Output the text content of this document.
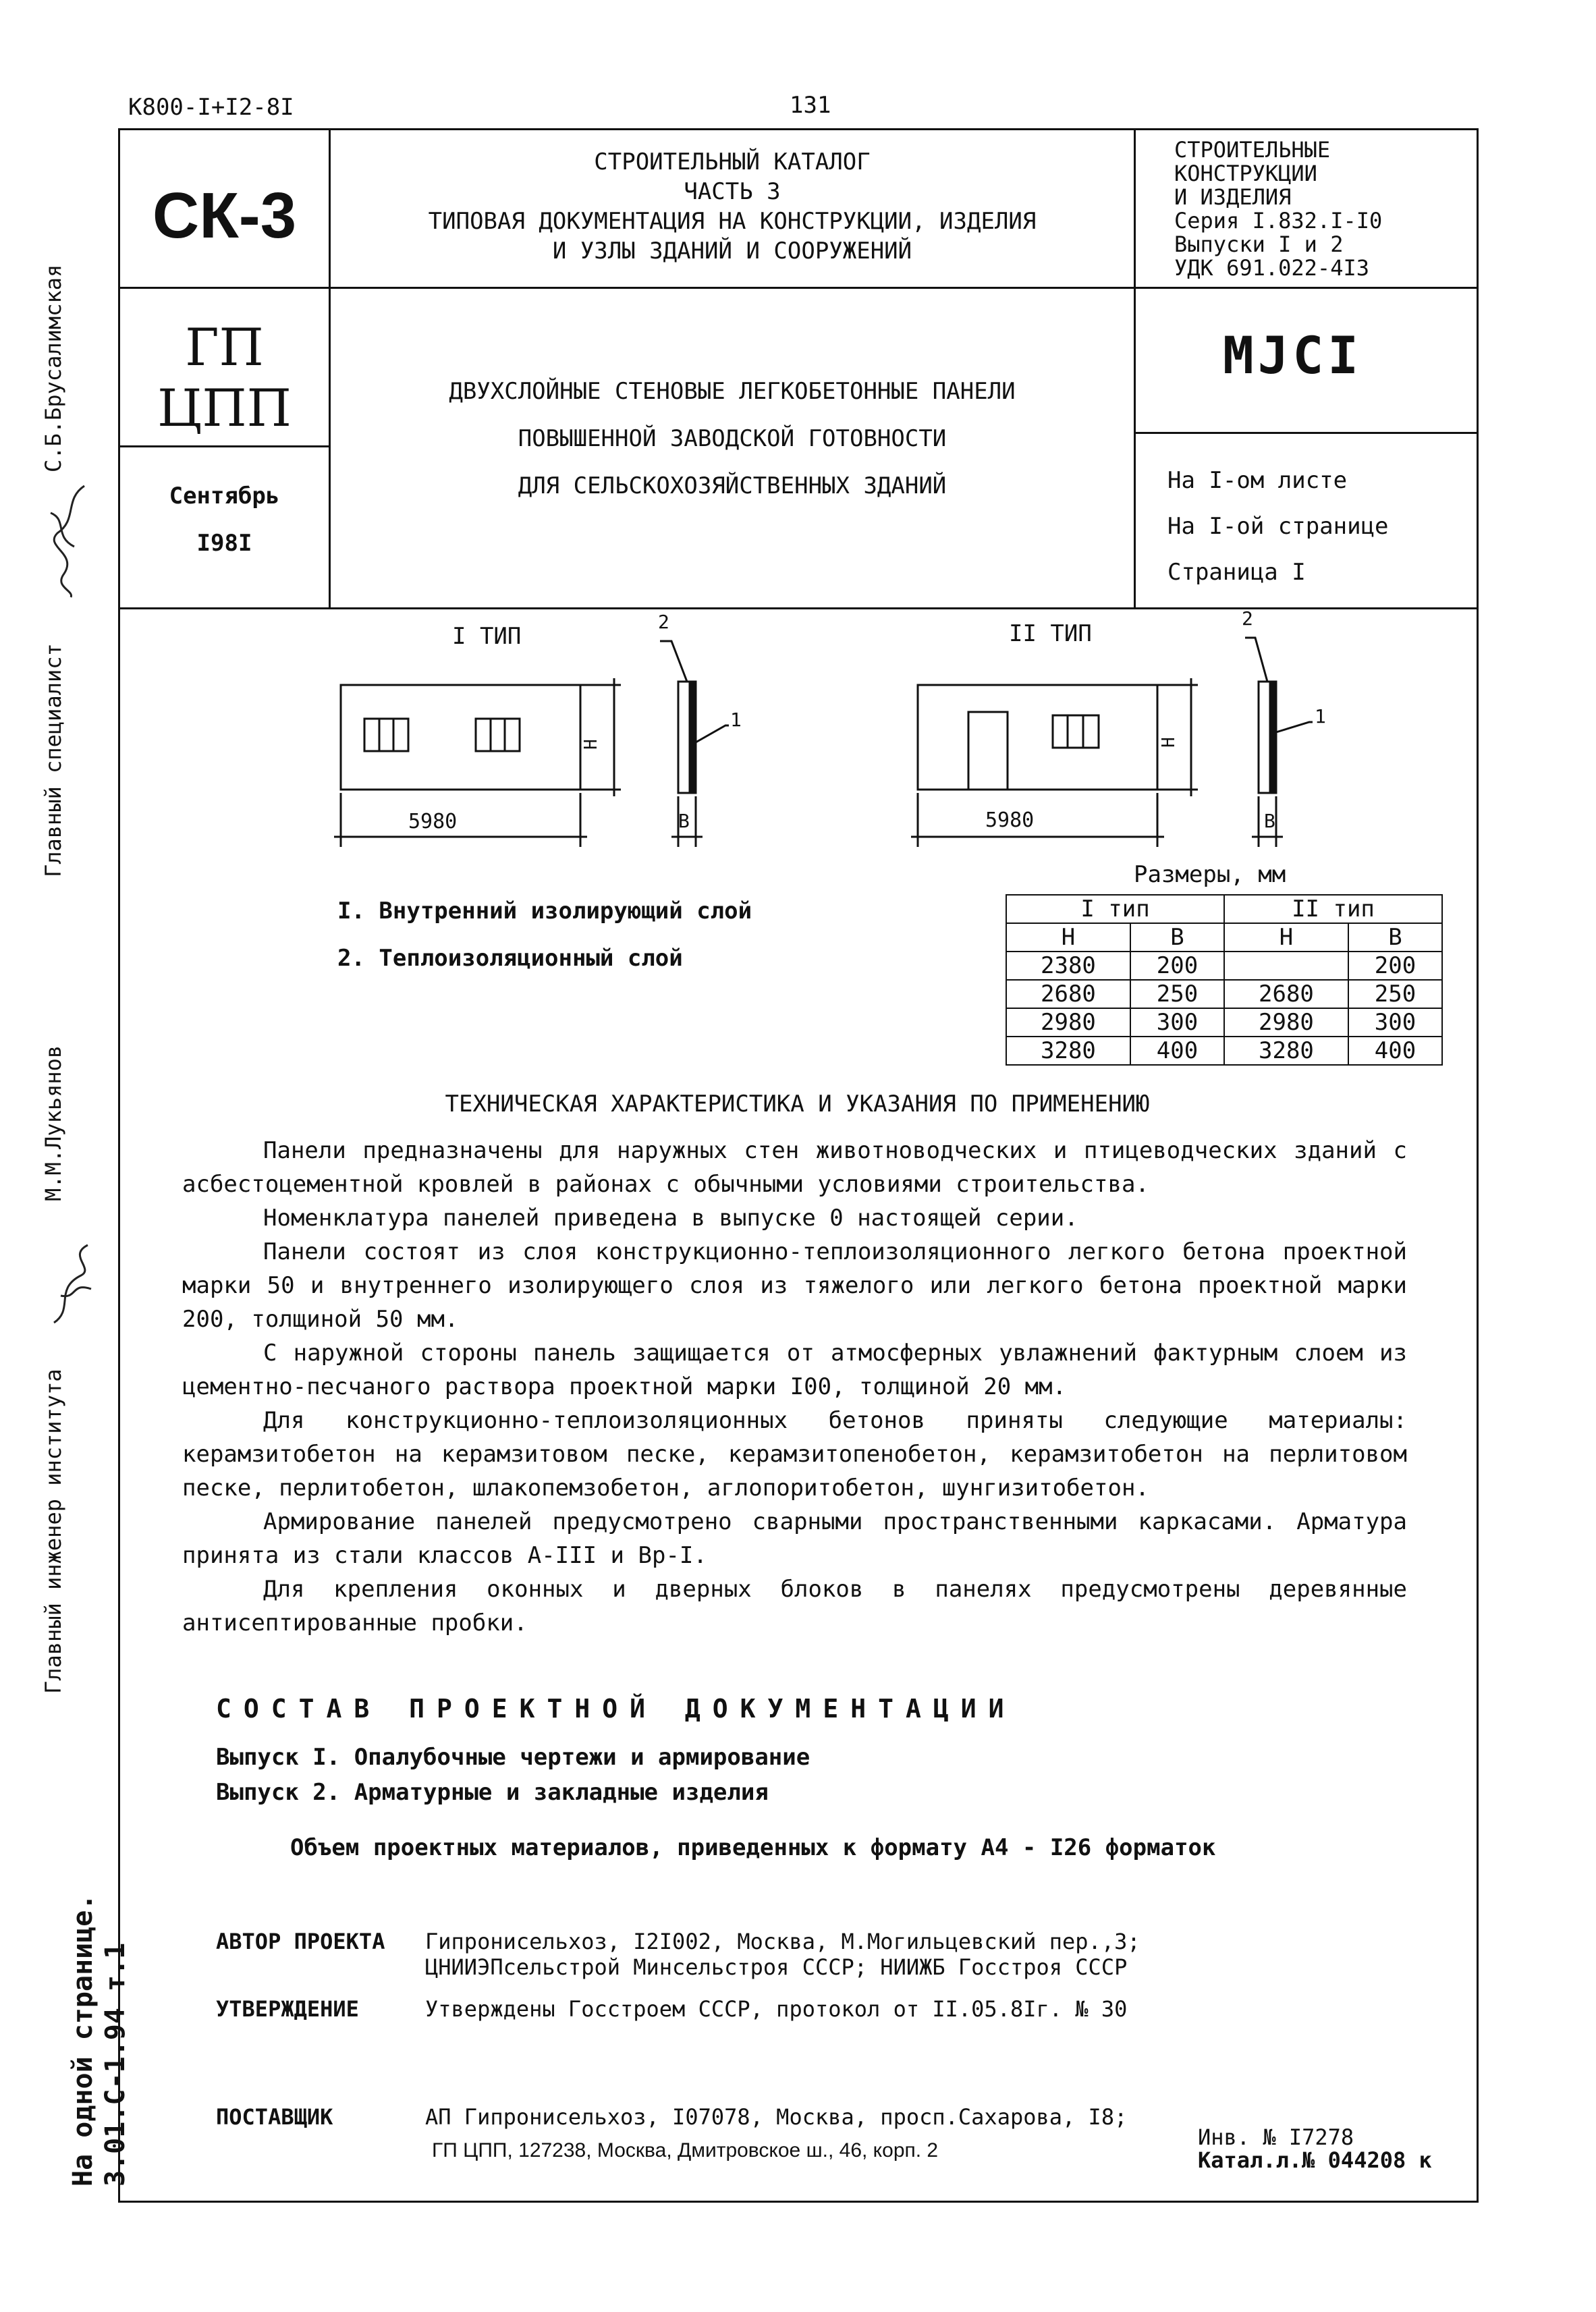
К800-I+I2-8I	131
СК-3
СТРОИТЕЛЬНЫЙ КАТАЛОГ
ЧАСТЬ 3
ТИПОВАЯ ДОКУМЕНТАЦИЯ НА КОНСТРУКЦИИ, ИЗДЕЛИЯ
И УЗЛЫ ЗДАНИЙ И СООРУЖЕНИЙ
СТРОИТЕЛЬНЫЕ
КОНСТРУКЦИИ
И ИЗДЕЛИЯ
Серия I.832.I-I0
Выпуски I и 2
УДК 691.022-4I3
ГП
ЦПП
Сентябрь
I98I
ДВУХСЛОЙНЫЕ СТЕНОВЫЕ ЛЕГКОБЕТОННЫЕ ПАНЕЛИ
ПОВЫШЕННОЙ ЗАВОДСКОЙ ГОТОВНОСТИ
ДЛЯ СЕЛЬСКОХОЗЯЙСТВЕННЫХ ЗДАНИЙ
МЈСI
На I-ом листе
На I-ой странице
Страница I
С.Б.Брусалимская
Главный специалист
М.М.Лукьянов
Главный инженер института
На одной странице. 3.01.С-1.94 т.1
I ТИП	II ТИП
5980	5980
Н	Н
В	В
2
1
2
1
I. Внутренний изолирующий слой
2. Теплоизоляционный слой
Размеры, мм
I тип		II тип	
Н	В	Н	В
2380	200		200
2680	250	2680	250
2980	300	2980	300
3280	400	3280	400
ТЕХНИЧЕСКАЯ ХАРАКТЕРИСТИКА И УКАЗАНИЯ ПО ПРИМЕНЕНИЮ

Панели предназначены для наружных стен животноводческих и птицеводческих зданий с асбестоцементной кровлей в районах с обычными условиями строительства.

Номенклатура панелей приведена в выпуске 0 настоящей серии.

Панели состоят из слоя конструкционно-теплоизоляционного легкого бетона проектной марки 50 и внутреннего изолирующего слоя из тяжелого или легкого бетона проектной марки 200, толщиной 50 мм.

С наружной стороны панель защищается от атмосферных увлажнений фактурным слоем из цементно-песчаного раствора проектной марки I00, толщиной 20 мм.

Для конструкционно-теплоизоляционных бетонов приняты следующие материалы: керамзитобетон на керамзитовом песке, керамзитопенобетон, керамзитобетон на перлитовом песке, перлитобетон, шлакопемзобетон, аглопоритобетон, шунгизитобетон.

Армирование панелей предусмотрено сварными пространственными каркасами. Арматура принята из стали классов А-III и Вр-I.

Для крепления оконных и дверных блоков в панелях предусмотрены деревянные антисептированные пробки.

СОСТАВ ПРОЕКТНОЙ ДОКУМЕНТАЦИИ
Выпуск I. Опалубочные чертежи и армирование
Выпуск 2. Арматурные и закладные изделия
Объем проектных материалов, приведенных к формату А4 - I26 форматок
АВТОР ПРОЕКТА Гипронисельхоз, I2I002, Москва, М.Могильцевский пер.,3;
ЦНИИЭПсельстрой Минсельстроя СССР; НИИЖБ Госстроя СССР
УТВЕРЖДЕНИЕ	Утверждены Госстроем СССР, протокол от II.05.8Iг. № 30
ПОСТАВЩИК	АП Гипронисельхоз, I07078, Москва, просп.Сахарова, I8;
ГП ЦПП, 127238, Москва, Дмитровское ш., 46, корп. 2
Инв. № I7278
Катал.л.№ 044208 к
